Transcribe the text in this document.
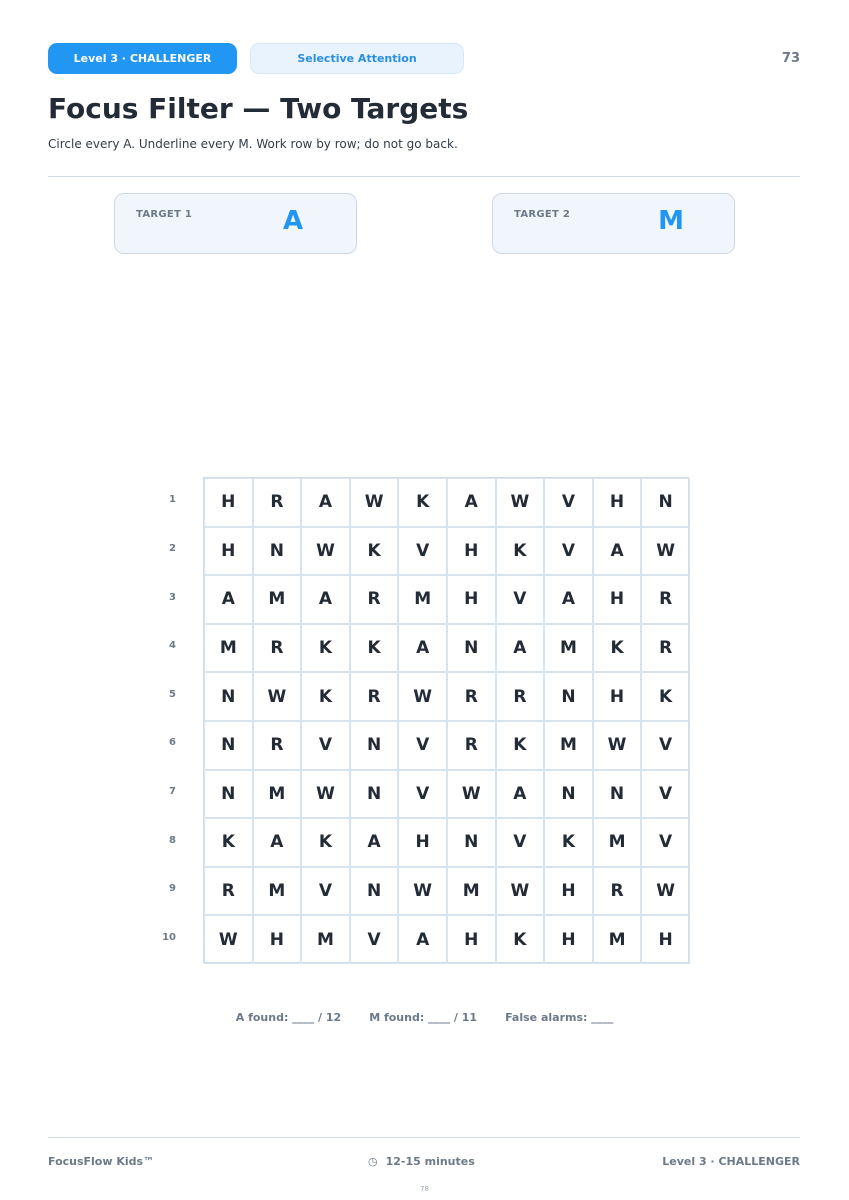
Level 3 · CHALLENGER	Selective Attention	73
Focus Filter — Two Targets

Circle every A. Underline every M. Work row by row; do not go back.

TARGET 1	A	TARGET 2	M
1
2
3
4
5
6
7
8
9
10
H	R	A	W	K	A	W	V	H	N
H	N	W	K	V	H	K	V	A	W
A	M	A	R	M	H	V	A	H	R
M	R	K	K	A	N	A	M	K	R
N	W	K	R	W	R	R	N	H	K
N	R	V	N	V	R	K	M	W	V
N	M	W	N	V	W	A	N	N	V
K	A	K	A	H	N	V	K	M	V
R	M	V	N	W	M	W	H	R	W
W	H	M	V	A	H	K	H	M	H
A found: ____ / 12	M found: ____ / 11	False alarms: ____
FocusFlow Kids™	◷ 12-15 minutes	Level 3 · CHALLENGER
78
